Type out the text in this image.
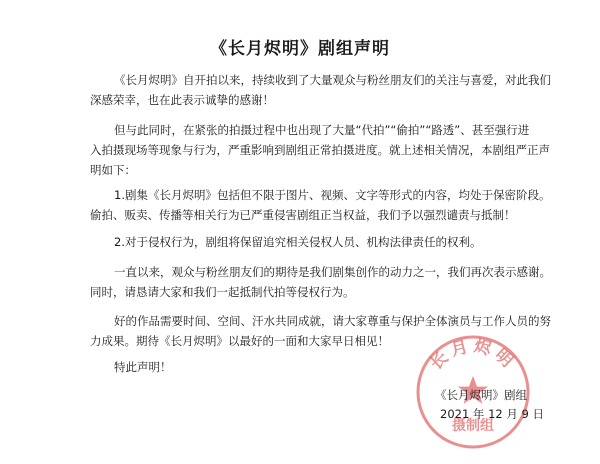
《长月烬明》剧组声明

《长月烬明》自开拍以来，持续收到了大量观众与粉丝朋友们的关注与喜爱，对此我们
深感荣幸，也在此表示诚挚的感谢！

但与此同时，在紧张的拍摄过程中也出现了大量“代拍”“偷拍”“路透”、甚至强行进
入拍摄现场等现象与行为，严重影响到剧组正常拍摄进度。就上述相关情况，本剧组严正声
明如下：

1.剧集《长月烬明》包括但不限于图片、视频、文字等形式的内容，均处于保密阶段。
偷拍、贩卖、传播等相关行为已严重侵害剧组正当权益，我们予以强烈谴责与抵制！

2.对于侵权行为，剧组将保留追究相关侵权人员、机构法律责任的权利。

一直以来，观众与粉丝朋友们的期待是我们剧集创作的动力之一，我们再次表示感谢。
同时，请恳请大家和我们一起抵制代拍等侵权行为。

好的作品需要时间、空间、汗水共同成就，请大家尊重与保护全体演员与工作人员的努
力成果。期待《长月烬明》以最好的一面和大家早日相见！

特此声明！	长月烬明
摄制组

《长月烬明》剧组

2021 年 12 月 9 日
